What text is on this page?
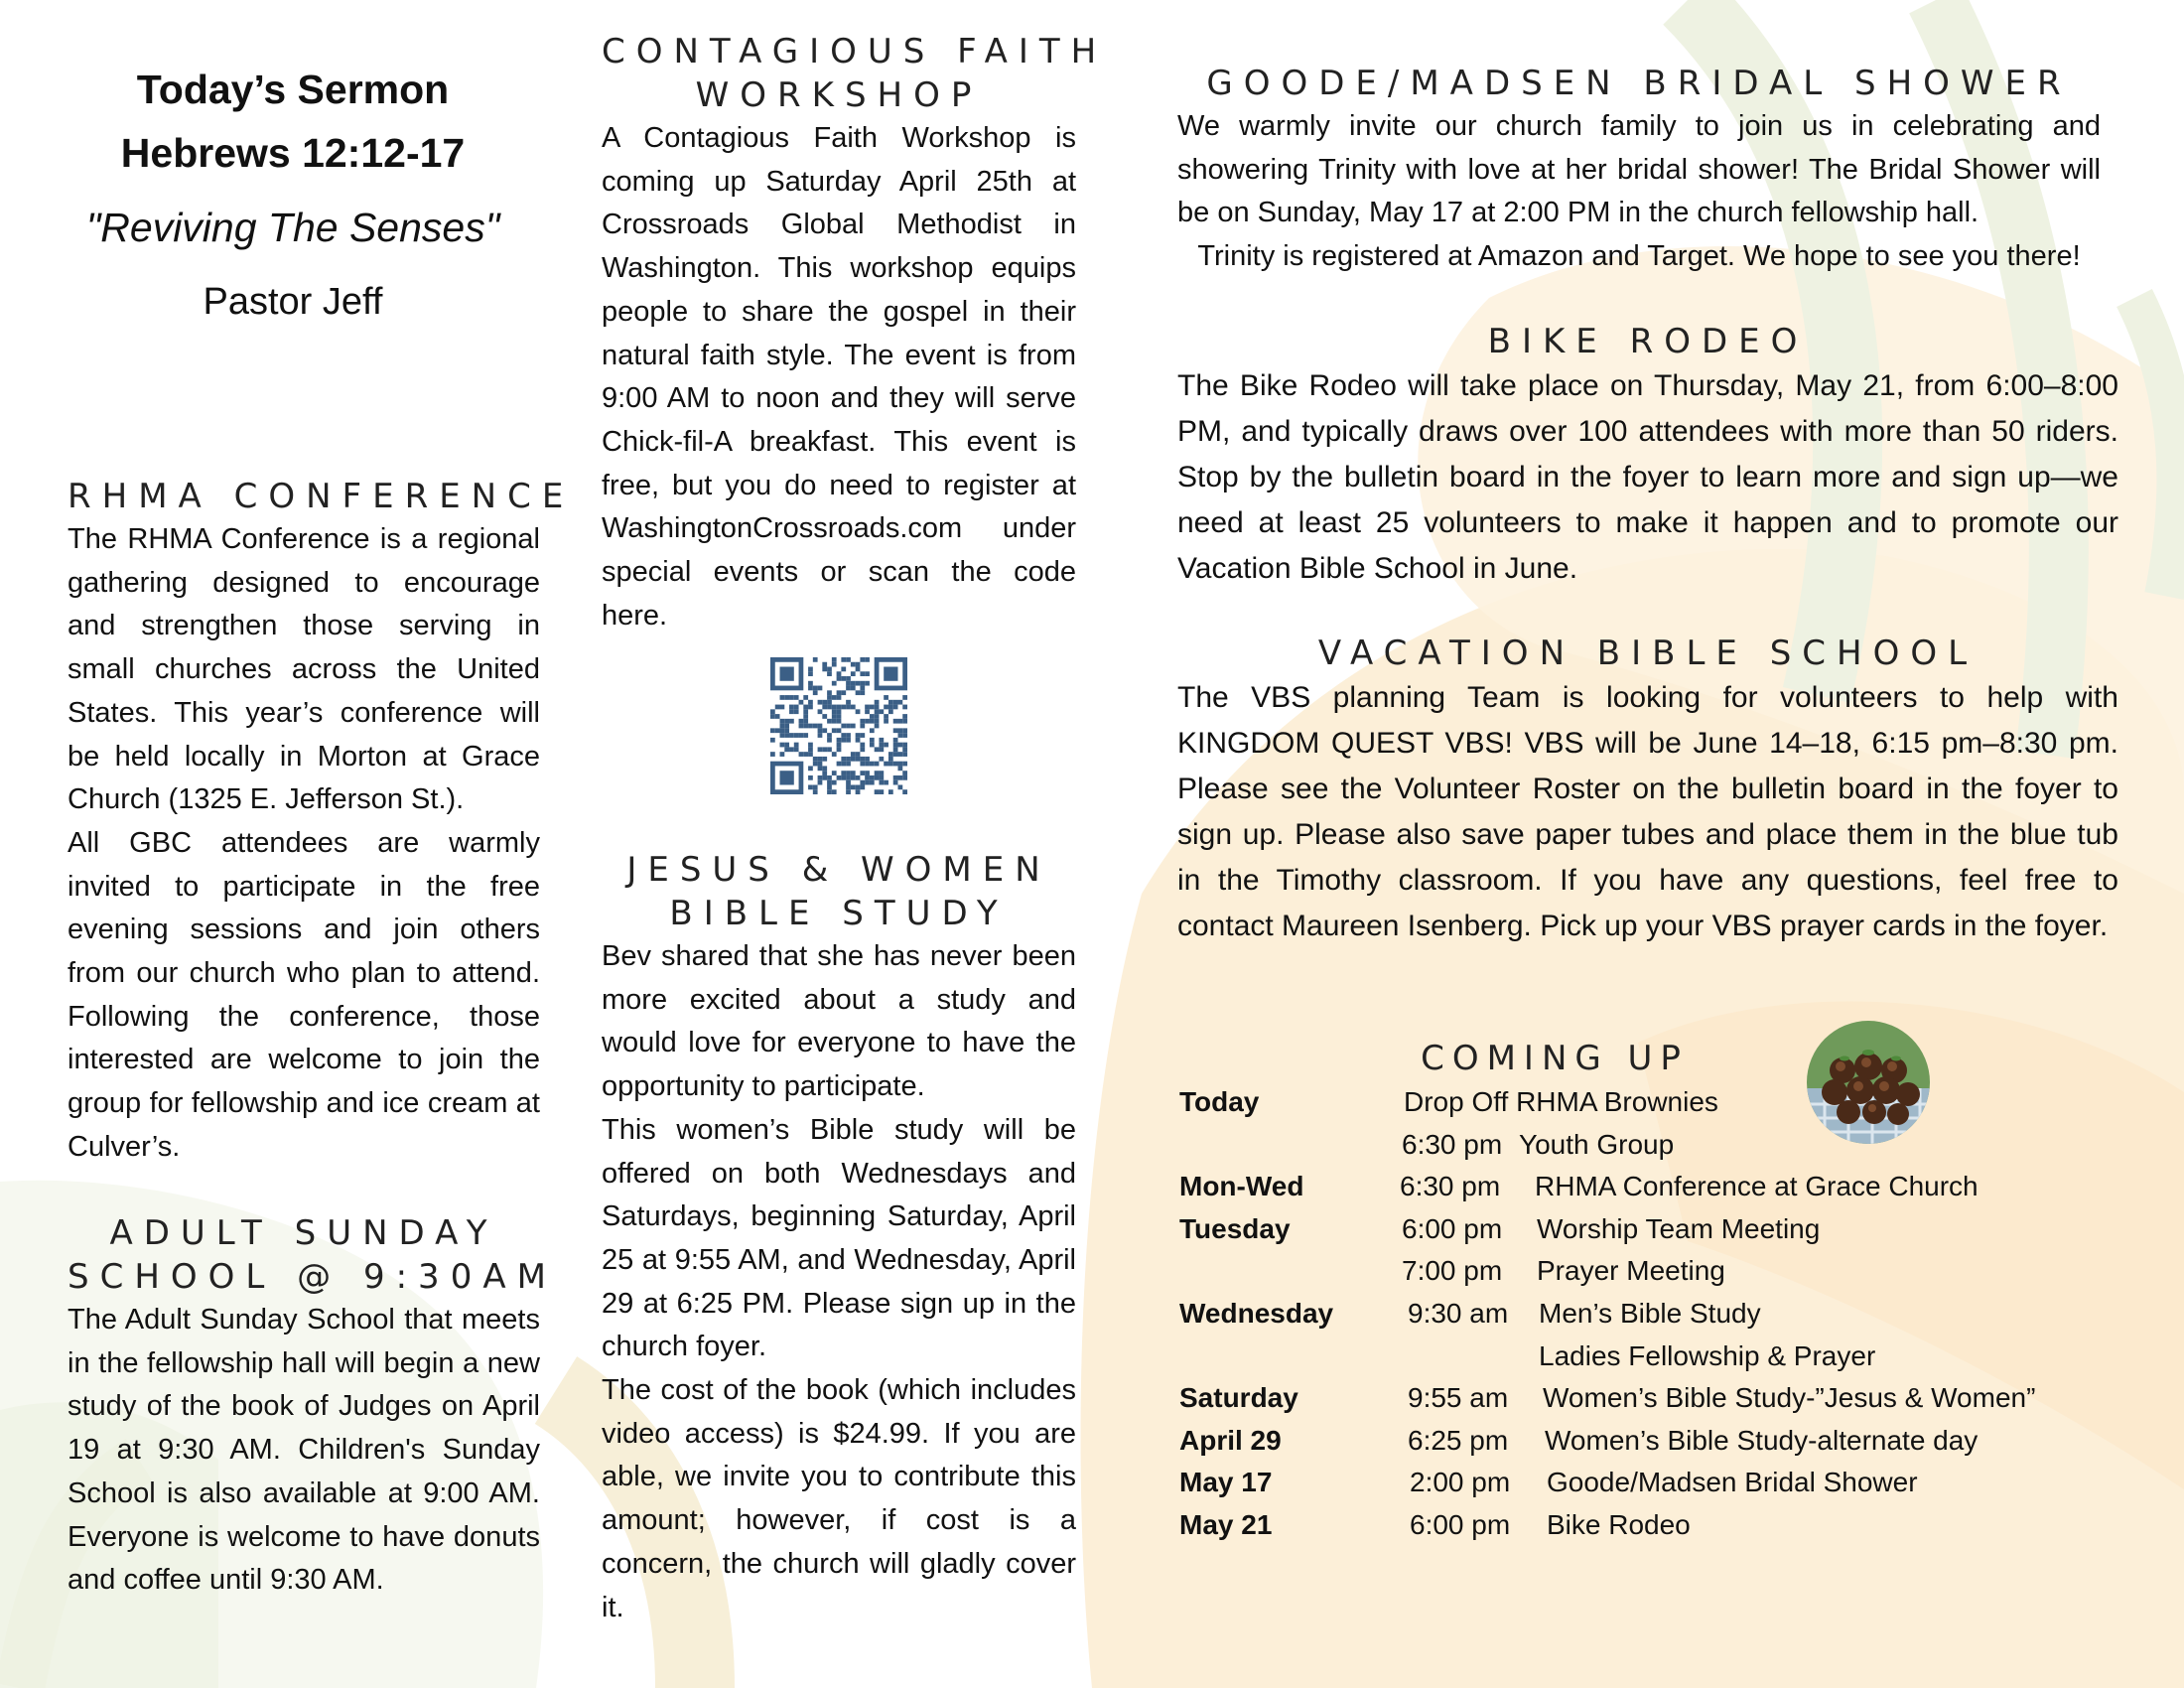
Today’s Sermon
Hebrews 12:12-17
"Reviving The Senses"
Pastor Jeff
RHMA CONFERENCE

The RHMA Conference is a regional gathering designed to encourage and strengthen those serving in small churches across the United States. This year’s conference will be held locally in Morton at Grace Church (1325 E. Jefferson St.).

All GBC attendees are warmly invited to participate in the free evening sessions and join others from our church who plan to attend. Following the conference, those interested are welcome to join the group for fellowship and ice cream at Culver’s.

ADULT SUNDAY
SCHOOL @ 9:30AM

The Adult Sunday School that meets in the fellowship hall will begin a new study of the book of Judges on April 19 at 9:30 AM. Children's Sunday School is also available at 9:00 AM. Everyone is welcome to have donuts and coffee until 9:30 AM.

CONTAGIOUS FAITH
WORKSHOP

A Contagious Faith Workshop is coming up Saturday April 25th at Crossroads Global Methodist in Washington. This workshop equips people to share the gospel in their natural faith style. The event is from 9:00 AM to noon and they will serve Chick-fil-A breakfast. This event is free, but you do need to register at WashingtonCrossroads.com under special events or scan the code here.

JESUS & WOMEN
BIBLE STUDY

Bev shared that she has never been more excited about a study and would love for everyone to have the opportunity to participate.

This women’s Bible study will be offered on both Wednesdays and Saturdays, beginning Saturday, April 25 at 9:55 AM, and Wednesday, April 29 at 6:25 PM. Please sign up in the church foyer.

The cost of the book (which includes video access) is $24.99. If you are able, we invite you to contribute this amount; however, if cost is a concern, the church will gladly cover it.

GOODE/MADSEN BRIDAL SHOWER

We warmly invite our church family to join us in celebrating and showering Trinity with love at her bridal shower! The Bridal Shower will be on Sunday, May 17 at 2:00 PM in the church fellowship hall.

Trinity is registered at Amazon and Target. We hope to see you there!

BIKE RODEO

The Bike Rodeo will take place on Thursday, May 21, from 6:00–8:00 PM, and typically draws over 100 attendees with more than 50 riders. Stop by the bulletin board in the foyer to learn more and sign up—we need at least 25 volunteers to make it happen and to promote our Vacation Bible School in June.

VACATION BIBLE SCHOOL

The VBS planning Team is looking for volunteers to help with KINGDOM QUEST VBS! VBS will be June 14–18, 6:15 pm–8:30 pm. Please see the Volunteer Roster on the bulletin board in the foyer to sign up. Please also save paper tubes and place them in the blue tub in the Timothy classroom. If you have any questions, feel free to contact Maureen Isenberg. Pick up your VBS prayer cards in the foyer.

COMING UP
Today	Drop Off RHMA Brownies
6:30 pm Youth Group
Mon-Wed	6:30 pm RHMA Conference at Grace Church
Tuesday	6:00 pm Worship Team Meeting
7:00 pm Prayer Meeting
Wednesday	9:30 am Men’s Bible Study
Ladies Fellowship & Prayer
Saturday	9:55 am Women’s Bible Study-”Jesus & Women”
April 29	6:25 pm Women’s Bible Study-alternate day
May 17	2:00 pm Goode/Madsen Bridal Shower
May 21	6:00 pm Bike Rodeo
